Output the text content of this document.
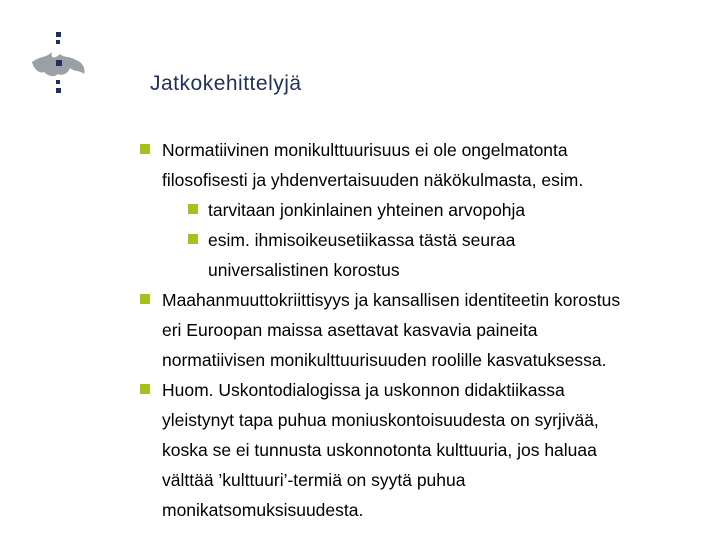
Jatkokehittelyjä
Normatiivinen monikulttuurisuus ei ole ongelmatonta
filosofisesti ja yhdenvertaisuuden näkökulmasta, esim.
tarvitaan jonkinlainen yhteinen arvopohja
esim. ihmisoikeusetiikassa tästä seuraa
universalistinen korostus
Maahanmuuttokriittisyys ja kansallisen identiteetin korostus
eri Euroopan maissa asettavat kasvavia paineita
normatiivisen monikulttuurisuuden roolille kasvatuksessa.
Huom. Uskontodialogissa ja uskonnon didaktiikassa
yleistynyt tapa puhua moniuskontoisuudesta on syrjivää,
koska se ei tunnusta uskonnotonta kulttuuria, jos haluaa
välttää ’kulttuuri’-termiä on syytä puhua
monikatsomuksisuudesta.
